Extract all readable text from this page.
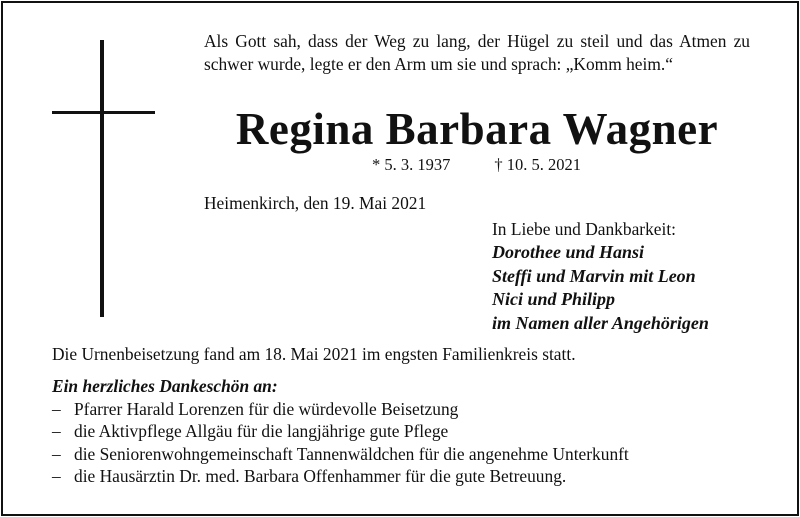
Als Gott sah, dass der Weg zu lang, der Hügel zu steil und das Atmen zu schwer wurde, legte er den Arm um sie und sprach: „Komm heim.“
Regina Barbara Wagner
* 5. 3. 1937	† 10. 5. 2021
Heimenkirch, den 19. Mai 2021
In Liebe und Dankbarkeit:
Dorothee und Hansi
Steffi und Marvin mit Leon
Nici und Philipp
im Namen aller Angehörigen
Die Urnenbeisetzung fand am 18. Mai 2021 im engsten Familienkreis statt.
Ein herzliches Dankeschön an:
– Pfarrer Harald Lorenzen für die würdevolle Beisetzung
– die Aktivpflege Allgäu für die langjährige gute Pflege
– die Seniorenwohngemeinschaft Tannenwäldchen für die angenehme Unterkunft
– die Hausärztin Dr. med. Barbara Offenhammer für die gute Betreuung.
